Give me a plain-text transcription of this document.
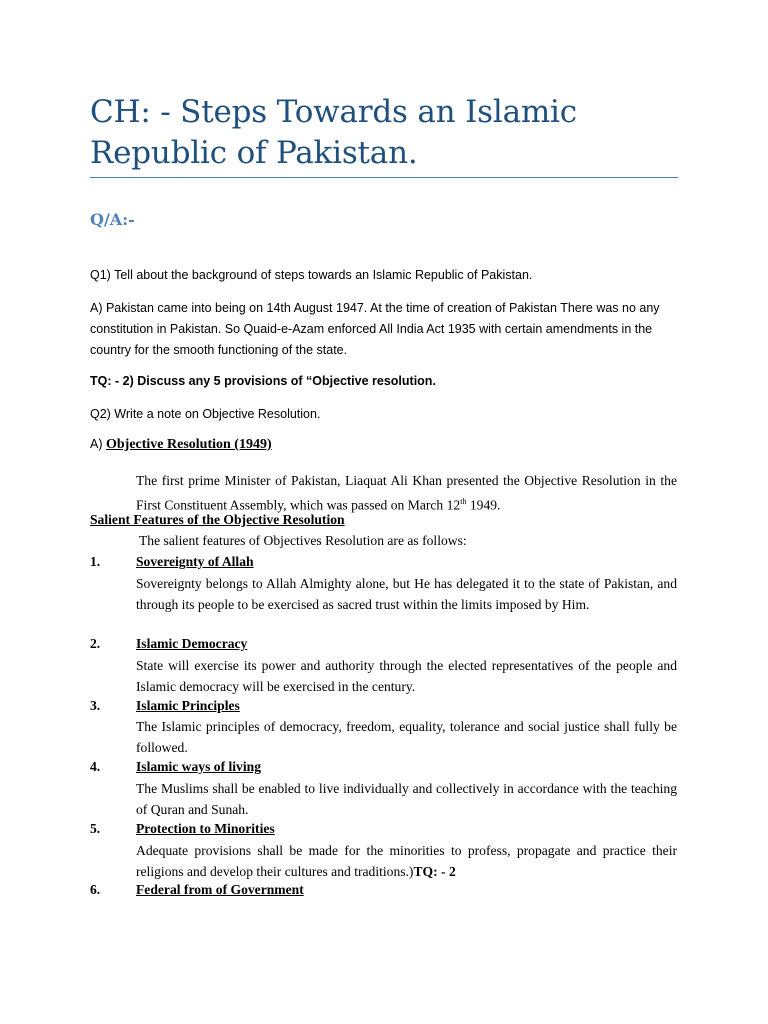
CH: - Steps Towards an Islamic Republic of Pakistan.
Q/A:-
Q1) Tell about the background of steps towards an Islamic Republic of Pakistan.
A) Pakistan came into being on 14th August 1947. At the time of creation of Pakistan There was no any constitution in Pakistan. So Quaid-e-Azam enforced All India Act 1935 with certain amendments in the country for the smooth functioning of the state.
TQ: - 2) Discuss any 5 provisions of “Objective resolution.
Q2) Write a note on Objective Resolution.
A) Objective Resolution (1949)
The first prime Minister of Pakistan, Liaquat Ali Khan presented the Objective Resolution in the First Constituent Assembly, which was passed on March 12th 1949.
Salient Features of the Objective Resolution
The salient features of Objectives Resolution are as follows:
1.	Sovereignty of Allah
Sovereignty belongs to Allah Almighty alone, but He has delegated it to the state of Pakistan, and through its people to be exercised as sacred trust within the limits imposed by Him.
2.	Islamic Democracy
State will exercise its power and authority through the elected representatives of the people and Islamic democracy will be exercised in the century.
3.	Islamic Principles
The Islamic principles of democracy, freedom, equality, tolerance and social justice shall fully be followed.
4.	Islamic ways of living
The Muslims shall be enabled to live individually and collectively in accordance with the teaching of Quran and Sunah.
5.	Protection to Minorities
Adequate provisions shall be made for the minorities to profess, propagate and practice their religions and develop their cultures and traditions.)TQ: - 2
6.	Federal from of Government
